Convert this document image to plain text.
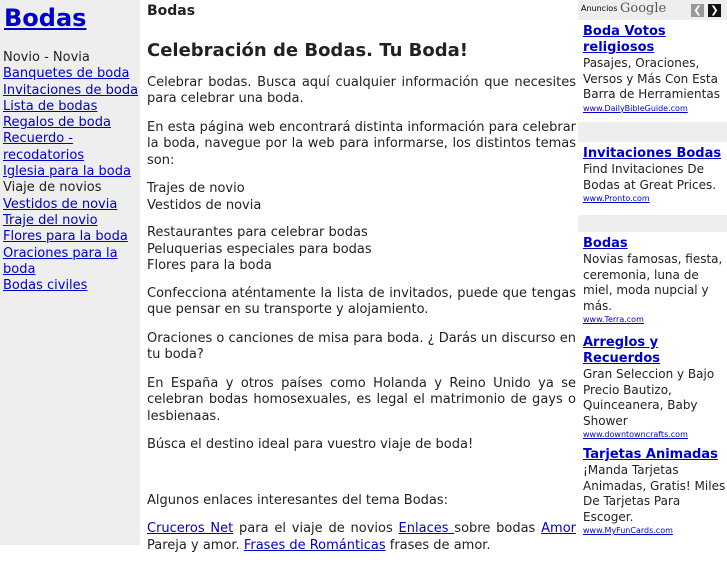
Bodas
Novio - Novia
Banquetes de boda
Invitaciones de boda
Lista de bodas
Regalos de boda
Recuerdo - recodatorios
Iglesia para la boda
Viaje de novios
Vestidos de novia
Traje del novio
Flores para la boda
Oraciones para la boda
Bodas civiles
Bodas
Celebración de Bodas. Tu Boda!

Celebrar bodas. Busca aquí cualquier información que necesites para celebrar una boda.

En esta página web encontrará distinta información para celebrar la boda, navegue por la web para informarse, los distintos temas son:

Trajes de novio
Vestidos de novia

Restaurantes para celebrar bodas
Peluquerias especiales para bodas
Flores para la boda

Confecciona aténtamente la lista de invitados, puede que tengas que pensar en su transporte y alojamiento.

Oraciones o canciones de misa para boda. ¿ Darás un discurso en tu boda?

En España y otros países como Holanda y Reino Unido ya se celebran bodas homosexuales, es legal el matrimonio de gays o lesbienaas.

Búsca el destino ideal para vuestro viaje de boda!

Algunos enlaces interesantes del tema Bodas:

Cruceros Net para el viaje de novios Enlaces sobre bodas Amor Pareja y amor. Frases de Románticas frases de amor.

Anuncios Google	❮ ❯
Boda Votos religiosos
Pasajes, Oraciones, Versos y Más Con Esta Barra de Herramientas
www.DailyBibleGuide.com
Invitaciones Bodas
Find Invitaciones De Bodas at Great Prices.
www.Pronto.com
Bodas
Novias famosas, fiesta, ceremonia, luna de miel, moda nupcial y más.
www.Terra.com
Arreglos y Recuerdos
Gran Seleccion y Bajo Precio Bautizo, Quinceanera, Baby Shower
www.downtowncrafts.com
Tarjetas Animadas
¡Manda Tarjetas Animadas, Gratis! Miles De Tarjetas Para Escoger.
www.MyFunCards.com
